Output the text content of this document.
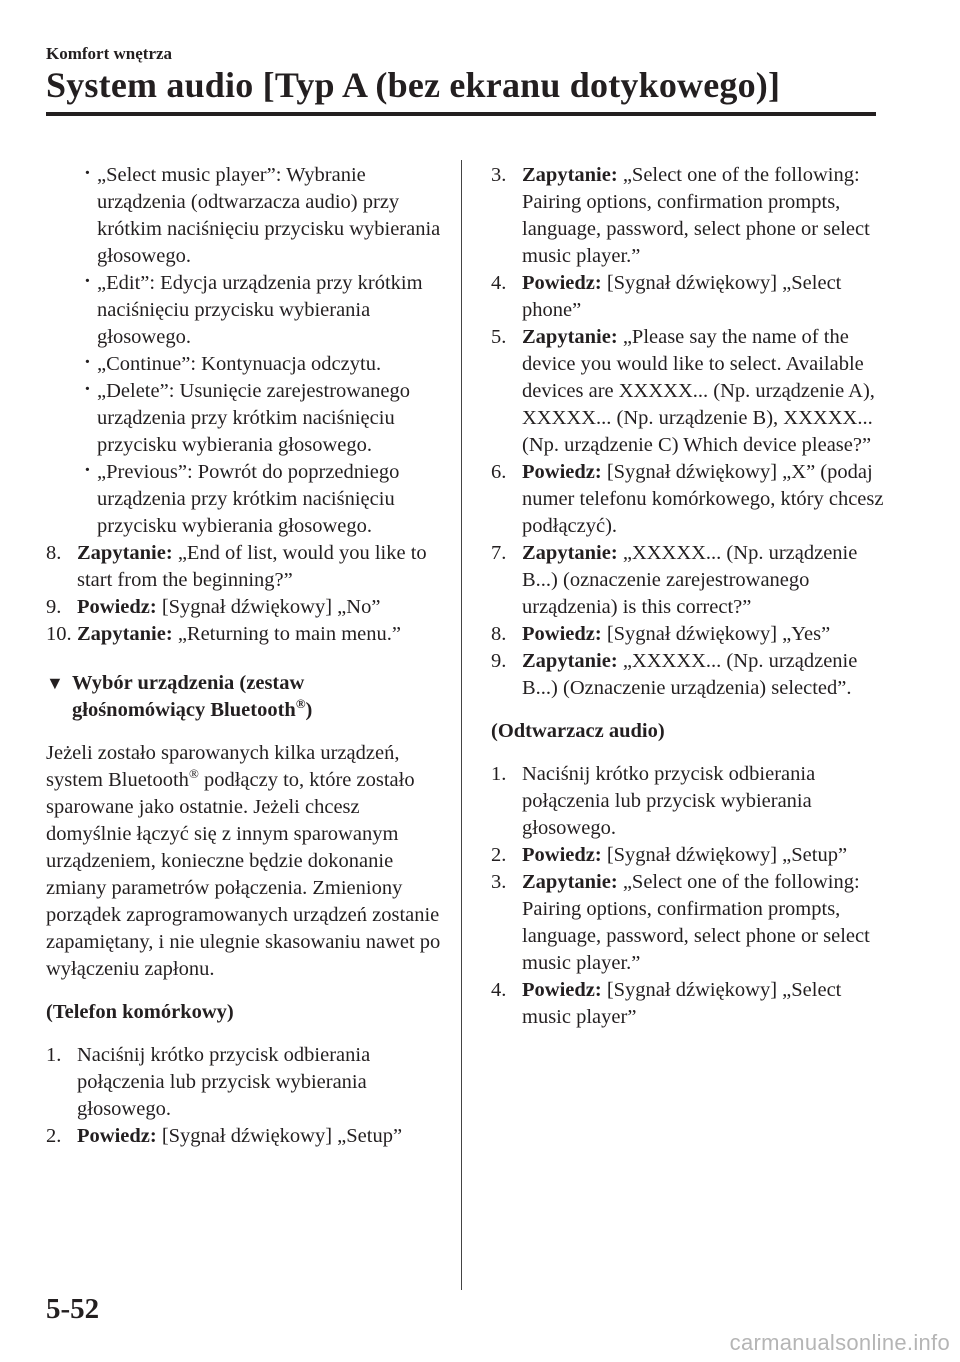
Komfort wnętrza
System audio [Typ A (bez ekranu dotykowego)]
· „Select music player”: Wybranie urządzenia (odtwarzacza audio) przy krótkim naciśnięciu przycisku wybierania głosowego.
· „Edit”: Edycja urządzenia przy krótkim naciśnięciu przycisku wybierania głosowego.
· „Continue”: Kontynuacja odczytu.
· „Delete”: Usunięcie zarejestrowanego urządzenia przy krótkim naciśnięciu przycisku wybierania głosowego.
· „Previous”: Powrót do poprzedniego urządzenia przy krótkim naciśnięciu przycisku wybierania głosowego.
8. Zapytanie: „End of list, would you like to start from the beginning?”
9. Powiedz: [Sygnał dźwiękowy] „No”
10. Zapytanie: „Returning to main menu.”
▼ Wybór urządzenia (zestaw
głośnomówiący Bluetooth®)

Jeżeli zostało sparowanych kilka urządzeń, system Bluetooth® podłączy to, które zostało sparowane jako ostatnie. Jeżeli chcesz domyślnie łączyć się z innym sparowanym urządzeniem, konieczne będzie dokonanie zmiany parametrów połączenia. Zmieniony porządek zaprogramowanych urządzeń zostanie zapamiętany, i nie ulegnie skasowaniu nawet po wyłączeniu zapłonu.

(Telefon komórkowy)
1. Naciśnij krótko przycisk odbierania połączenia lub przycisk wybierania głosowego.
2. Powiedz: [Sygnał dźwiękowy] „Setup”
3. Zapytanie: „Select one of the following: Pairing options, confirmation prompts, language, password, select phone or select music player.”
4. Powiedz: [Sygnał dźwiękowy] „Select phone”
5. Zapytanie: „Please say the name of the device you would like to select. Available devices are XXXXX... (Np. urządzenie A), XXXXX... (Np. urządzenie B), XXXXX... (Np. urządzenie C) Which device please?”
6. Powiedz: [Sygnał dźwiękowy] „X” (podaj numer telefonu komórkowego, który chcesz podłączyć).
7. Zapytanie: „XXXXX... (Np. urządzenie B...) (oznaczenie zarejestrowanego urządzenia) is this correct?”
8. Powiedz: [Sygnał dźwiękowy] „Yes”
9. Zapytanie: „XXXXX... (Np. urządzenie B...) (Oznaczenie urządzenia) selected”.
(Odtwarzacz audio)
1. Naciśnij krótko przycisk odbierania połączenia lub przycisk wybierania głosowego.
2. Powiedz: [Sygnał dźwiękowy] „Setup”
3. Zapytanie: „Select one of the following: Pairing options, confirmation prompts, language, password, select phone or select music player.”
4. Powiedz: [Sygnał dźwiękowy] „Select music player”
5-52
carmanualsonline.info
